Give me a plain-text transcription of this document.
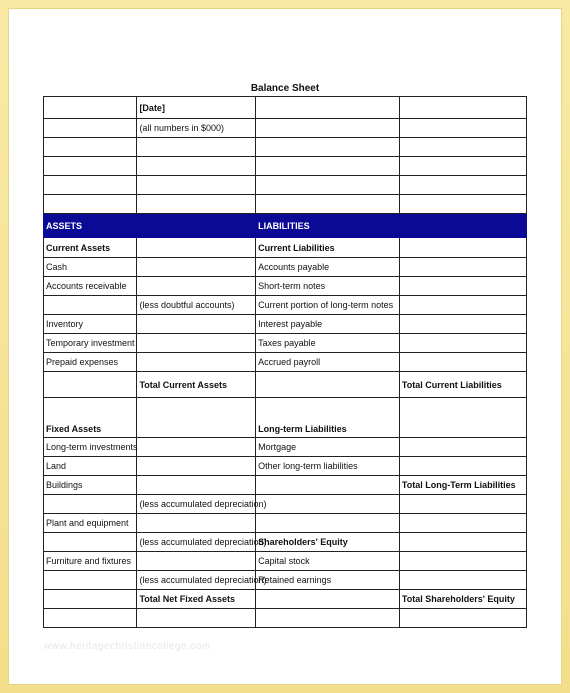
Balance Sheet
	[Date]		
	(all numbers in $000)		

ASSETS		LIABILITIES	
Current Assets		Current Liabilities	
Cash		Accounts payable	
Accounts receivable		Short-term notes	
	(less doubtful accounts)	Current portion of long-term notes	
Inventory		Interest payable	
Temporary investment		Taxes payable	
Prepaid expenses		Accrued payroll	
	Total Current Assets		Total Current Liabilities
Fixed Assets		Long-term Liabilities	
Long-term investments		Mortgage	
Land		Other long-term liabilities	
Buildings			Total Long-Term Liabilities
	(less accumulated depreciation)		
Plant and equipment			
	(less accumulated depreciation)	Shareholders' Equity	
Furniture and fixtures		Capital stock	
	(less accumulated depreciation)	Retained earnings	
	Total Net Fixed Assets		Total Shareholders' Equity

www.heritagechristiancollege.com
